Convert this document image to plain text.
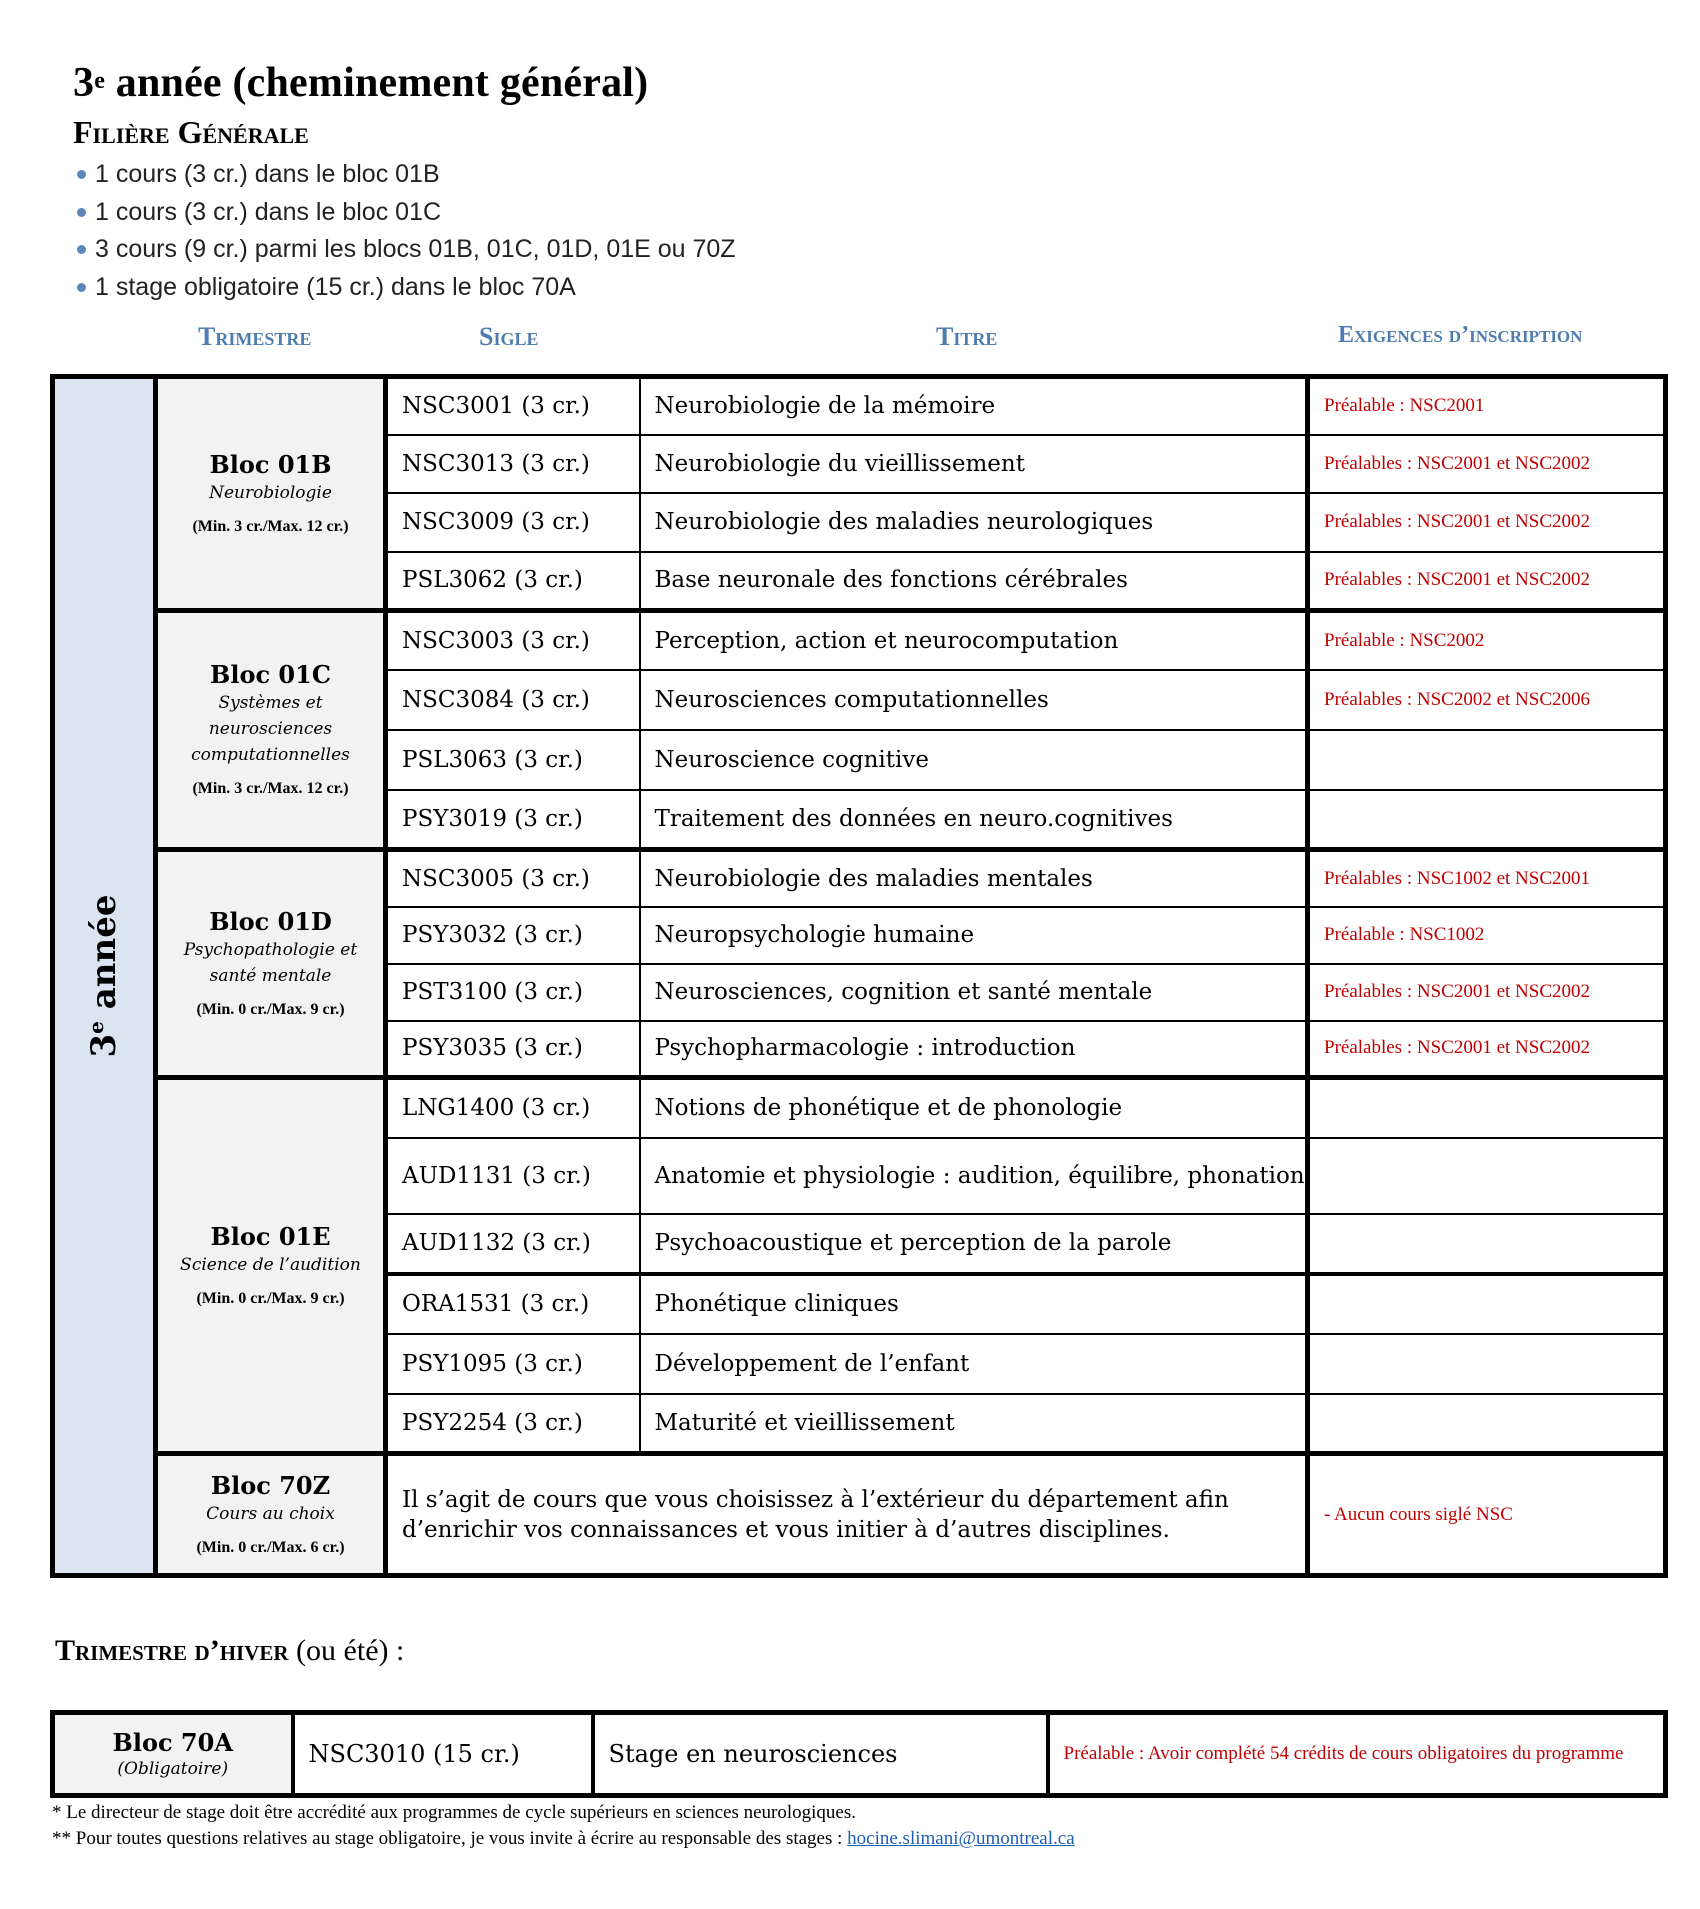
3e année (cheminement général)
Filière Générale
1 cours (3 cr.) dans le bloc 01B
1 cours (3 cr.) dans le bloc 01C
3 cours (9 cr.) parmi les blocs 01B, 01C, 01D, 01E ou 70Z
1 stage obligatoire (15 cr.) dans le bloc 70A
Trimestre	Sigle	Titre	Exigences d’inscription
3e année	Bloc 01B
Neurobiologie
(Min. 3 cr./Max. 12 cr.)	NSC3001 (3 cr.)	Neurobiologie de la mémoire	Préalable : NSC2001
		NSC3013 (3 cr.)	Neurobiologie du vieillissement	Préalables : NSC2001 et NSC2002
		NSC3009 (3 cr.)	Neurobiologie des maladies neurologiques	Préalables : NSC2001 et NSC2002
		PSL3062 (3 cr.)	Base neuronale des fonctions cérébrales	Préalables : NSC2001 et NSC2002

	Bloc 01C
Systèmes et neurosciences computationnelles
(Min. 3 cr./Max. 12 cr.)	NSC3003 (3 cr.)	Perception, action et neurocomputation	Préalable : NSC2002
		NSC3084 (3 cr.)	Neurosciences computationnelles	Préalables : NSC2002 et NSC2006
		PSL3063 (3 cr.)	Neuroscience cognitive	
		PSY3019 (3 cr.)	Traitement des données en neuro.cognitives	

	Bloc 01D
Psychopathologie et santé mentale
(Min. 0 cr./Max. 9 cr.)	NSC3005 (3 cr.)	Neurobiologie des maladies mentales	Préalables : NSC1002 et NSC2001
		PSY3032 (3 cr.)	Neuropsychologie humaine	Préalable : NSC1002
		PST3100 (3 cr.)	Neurosciences, cognition et santé mentale	Préalables : NSC2001 et NSC2002
		PSY3035 (3 cr.)	Psychopharmacologie : introduction	Préalables : NSC2001 et NSC2002

	Bloc 01E
Science de l’audition
(Min. 0 cr./Max. 9 cr.)	LNG1400 (3 cr.)	Notions de phonétique et de phonologie	
		AUD1131 (3 cr.)	Anatomie et physiologie : audition, équilibre, phonation	
		AUD1132 (3 cr.)	Psychoacoustique et perception de la parole	
		ORA1531 (3 cr.)	Phonétique cliniques	
		PSY1095 (3 cr.)	Développement de l’enfant	
		PSY2254 (3 cr.)	Maturité et vieillissement	

	Bloc 70Z
Cours au choix
(Min. 0 cr./Max. 6 cr.)	Il s’agit de cours que vous choisissez à l’extérieur du département afin d’enrichir vos connaissances et vous initier à d’autres disciplines.		- Aucun cours siglé NSC
Trimestre d’hiver (ou été) :
Bloc 70A
(Obligatoire)
	NSC3010 (15 cr.)	Stage en neurosciences	Préalable : Avoir complété 54 crédits de cours obligatoires du programme
* Le directeur de stage doit être accrédité aux programmes de cycle supérieurs en sciences neurologiques.
** Pour toutes questions relatives au stage obligatoire, je vous invite à écrire au responsable des stages : hocine.slimani@umontreal.ca
